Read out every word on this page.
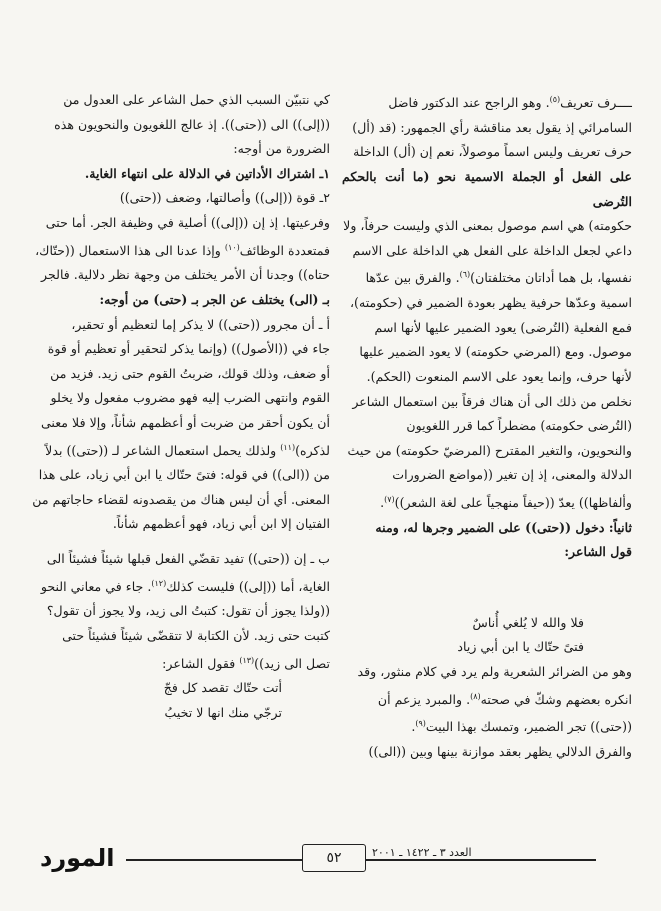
ــــرف تعريف$^{(٥)}$. وهو الراجح عند الدكتور فاضل

السامرائي إذ يقول بعد مناقشة رأي الجمهور: (قد (أل)

حرف تعريف وليس اسماً موصولاً، نعم إن (أل) الداخلة

على الفعل أو الجملة الاسمية نحو (ما أنت بالحكم التُرضى

حكومته) هي اسم موصول بمعنى الذي وليست حرفاً، ولا

داعي لجعل الداخلة على الفعل هي الداخلة على الاسم

نفسها، بل هما أداتان مختلفتان)$^{(٦)}$. والفرق بين عدّها

اسمية وعدّها حرفية يظهر بعودة الضمير في (حكومته)،

فمع الفعلية (التُرضى) يعود الضمير عليها لأنها اسم

موصول. ومع (المرضي حكومته) لا يعود الضمير عليها

لأنها حرف، وإنما يعود على الاسم المنعوت (الحكم).

نخلص من ذلك الى أن هناك فرقاً بين استعمال الشاعر

(التُرضى حكومته) مضطراً كما قرر اللغويون

والنحويون، والتغير المقترح (المرضيّ حكومته) من حيث

الدلالة والمعنى، إذ إن تغير ((مواضع الضرورات

وألفاظها)) يعدّ ((حيفاً منهجياً على لغة الشعر))$^{(٧)}$.

ثانياً: دخول ((حتى)) على الضمير وجرها له، ومنه

قول الشاعر:

فلا والله لا يُلغي أُناسٌ

فتىً حتّاك يا ابن أبي زياد

وهو من الضرائر الشعرية ولم يرد في كلام منثور، وقد

انكره بعضهم وشكّ في صحته$^{(٨)}$. والمبرد يزعم أن

((حتى)) تجر الضمير، وتمسك بهذا البيت$^{(٩)}$.

والفرق الدلالي يظهر بعقد موازنة بينها وبين ((الى))

كي نتبيّن السبب الذي حمل الشاعر على العدول من

((إلى)) الى ((حتى)). إذ عالج اللغويون والنحويون هذه

الضرورة من أوجه:

١ـ اشتراك الأداتين في الدلالة على انتهاء الغاية.

٢ـ قوة ((إلى)) وأصالتها، وضعف ((حتى))

وفرعيتها. إذ إن ((إلى)) أصلية في وظيفة الجر. أما حتى

فمتعددة الوظائف$^{(١٠)}$ وإذا عدنا الى هذا الاستعمال ((حتّاك،

حتاه)) وجدنا أن الأمر يختلف من وجهة نظر دلالية. فالجر

بـ (الى) يختلف عن الجر بـ (حتى) من أوجه:

أ ـ أن مجرور ((حتى)) لا يذكر إما لتعظيم أو تحقير،

جاء في ((الأصول)) (وإنما يذكر لتحقير أو تعظيم أو قوة

أو ضعف، وذلك قولك، ضربتُ القوم حتى زيد. فزيد من

القوم وانتهى الضرب إليه فهو مضروب مفعول ولا يخلو

أن يكون أحقر من ضربت أو أعظمهم شأناً، وإلا فلا معنى

لذكره)$^{(١١)}$ ولذلك يحمل استعمال الشاعر لـ ((حتى)) بدلاً

من ((الى)) في قوله: فتىً حتّاك يا ابن أبي زياد، على هذا

المعنى. أي أن ليس هناك من يقصدونه لقضاء حاجاتهم من

الفتيان إلا ابن أبي زياد، فهو أعظمهم شأناً.

ب ـ إن ((حتى)) تفيد تقضّي الفعل قبلها شيئاً فشيئاً الى

الغاية، أما ((إلى)) فليست كذلك$^{(١٢)}$. جاء في معاني النحو

((ولذا يجوز أن تقول: كتبتُ الى زيد، ولا يجوز أن تقول؟

كتبت حتى زيد. لأن الكتابة لا تتقضّى شيئاً فشيئاً حتى

تصل الى زيد))$^{(١٣)}$ فقول الشاعر:

أتت حتّاك تقصد كل فجّ

ترجّي منك انها لا تخيبُ

المورد	٥٢	العدد ٣ ـ ١٤٢٢ ـ ٢٠٠١
